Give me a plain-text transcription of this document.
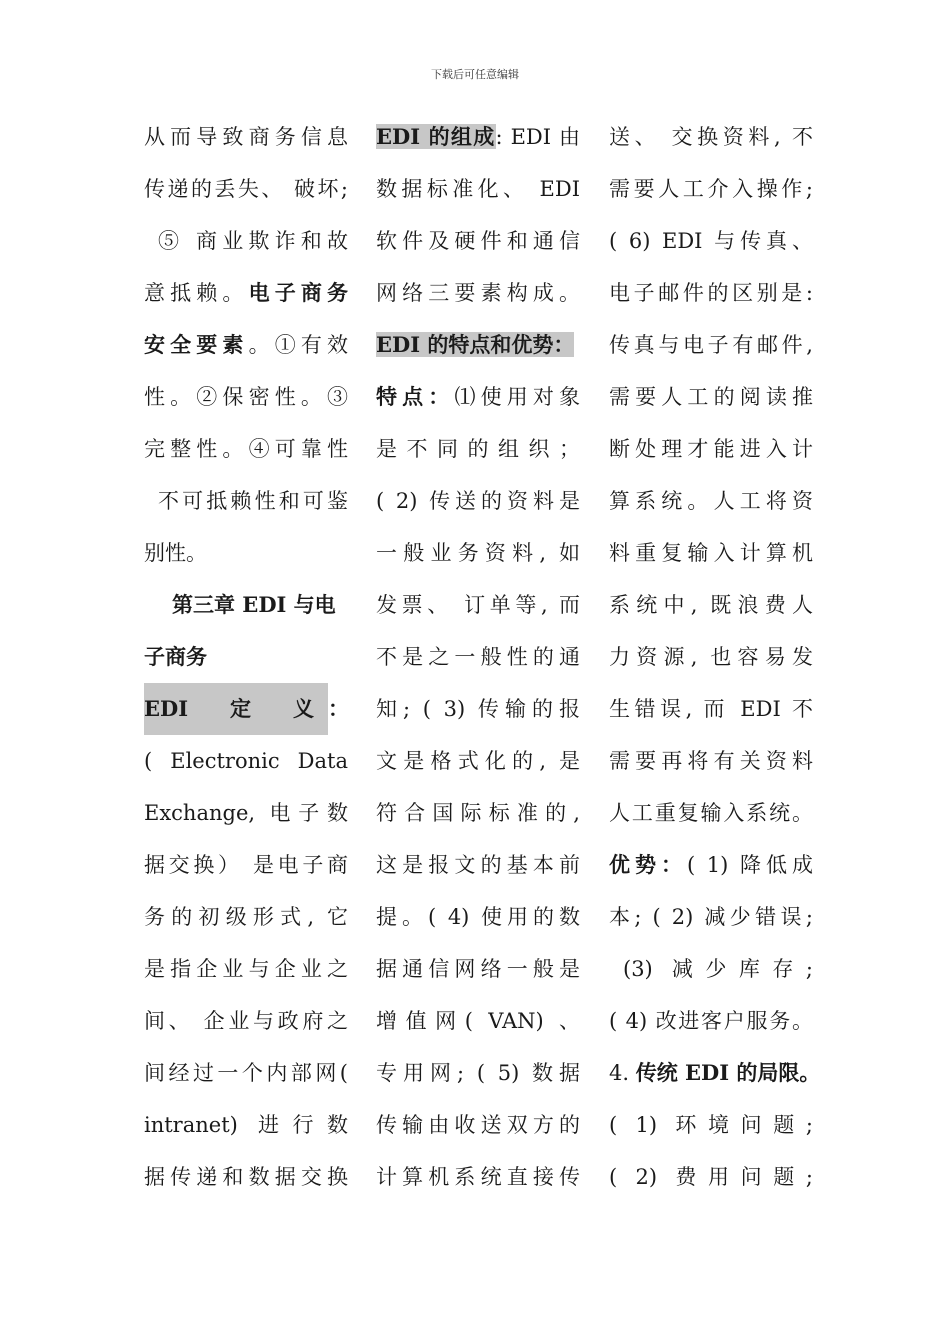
下载后可任意编辑
从而导致商务信息
传递的丢失、 破坏;
⑤ 商业欺诈和故
意抵赖。电子商务
安全要素。①有效
性。②保密性。③
完整性。④可靠性
不可抵赖性和可鉴
别性。
第三章 EDI 与电
子商务
EDI　　定　　义 ：
( Electronic Data
Exchange, 电子数
据交换） 是电子商
务的初级形式, 它
是指企业与企业之
间、 企业与政府之
间经过一个内部网(
intranet) 进行数
据传递和数据交换
EDI 的组成: EDI 由
数据标准化、 EDI
软件及硬件和通信
网络三要素构成。
EDI 的特点和优势：
特点：⑴使用对象
是不同的组织；
( 2) 传送的资料是
一般业务资料, 如
发票、 订单等, 而
不是之一般性的通
知; ( 3) 传输的报
文是格式化的, 是
符合国际标准的,
这是报文的基本前
提。( 4) 使用的数
据通信网络一般是
增值网( VAN) 、
专用网; ( 5) 数据
传输由收送双方的
计算机系统直接传
送、 交换资料, 不
需要人工介入操作;
( 6) EDI 与传真、
电子邮件的区别是:
传真与电子有邮件,
需要人工的阅读推
断处理才能进入计
算系统。人工将资
料重复输入计算机
系统中, 既浪费人
力资源, 也容易发
生错误, 而 EDI 不
需要再将有关资料
人工重复输入系统。
优势：( 1) 降低成
本; ( 2) 减少错误;
(3) 减少库存;
( 4) 改进客户服务。
4. 传统 EDI 的局限。
( 1) 环境问题;
( 2) 费用问题;
